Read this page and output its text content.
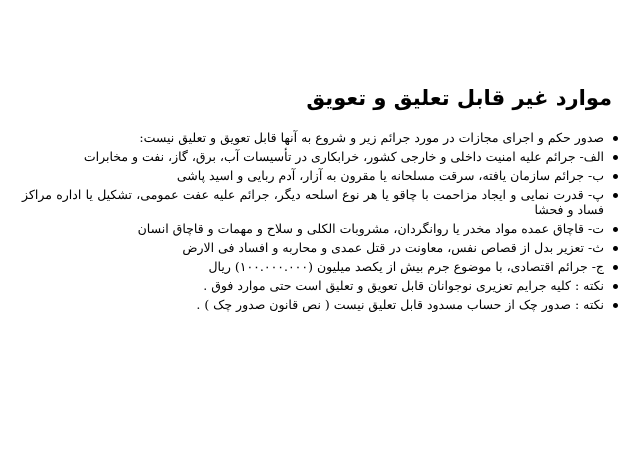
موارد غیر قابل تعلیق و تعویق
صدور حکم و اجرای مجازات در مورد جرائم زیر و شروع به آنها قابل تعویق و تعلیق نیست:
الف- جرائم علیه امنیت داخلی و خارجی کشور، خرابکاری در تأسیسات آب، برق، گاز، نفت و مخابرات
ب- جرائم سازمان یافته، سرقت مسلحانه یا مقرون به آزار، آدم ربایی و اسید پاشی
پ- قدرت نمایی و ایجاد مزاحمت با چاقو یا هر نوع اسلحه دیگر، جرائم علیه عفت عمومی، تشکیل یا اداره مراکز فساد و فحشا
ت- قاچاق عمده مواد مخدر یا روانگردان، مشروبات الکلی و سلاح و مهمات و قاچاق انسان
ث- تعزیر بدل از قصاص نفس، معاونت در قتل عمدی و محاربه و افساد فی الارض
ج- جرائم اقتصادی، با موضوع جرم بیش از یکصد میلیون (۱۰۰.۰۰۰.۰۰۰) ریال
نکته : کلیه جرایم تعزیری نوجوانان قابل تعویق و تعلیق است حتی موارد فوق .
نکته : صدور چک از حساب مسدود قابل تعلیق نیست ( نص قانون صدور چک ) .
